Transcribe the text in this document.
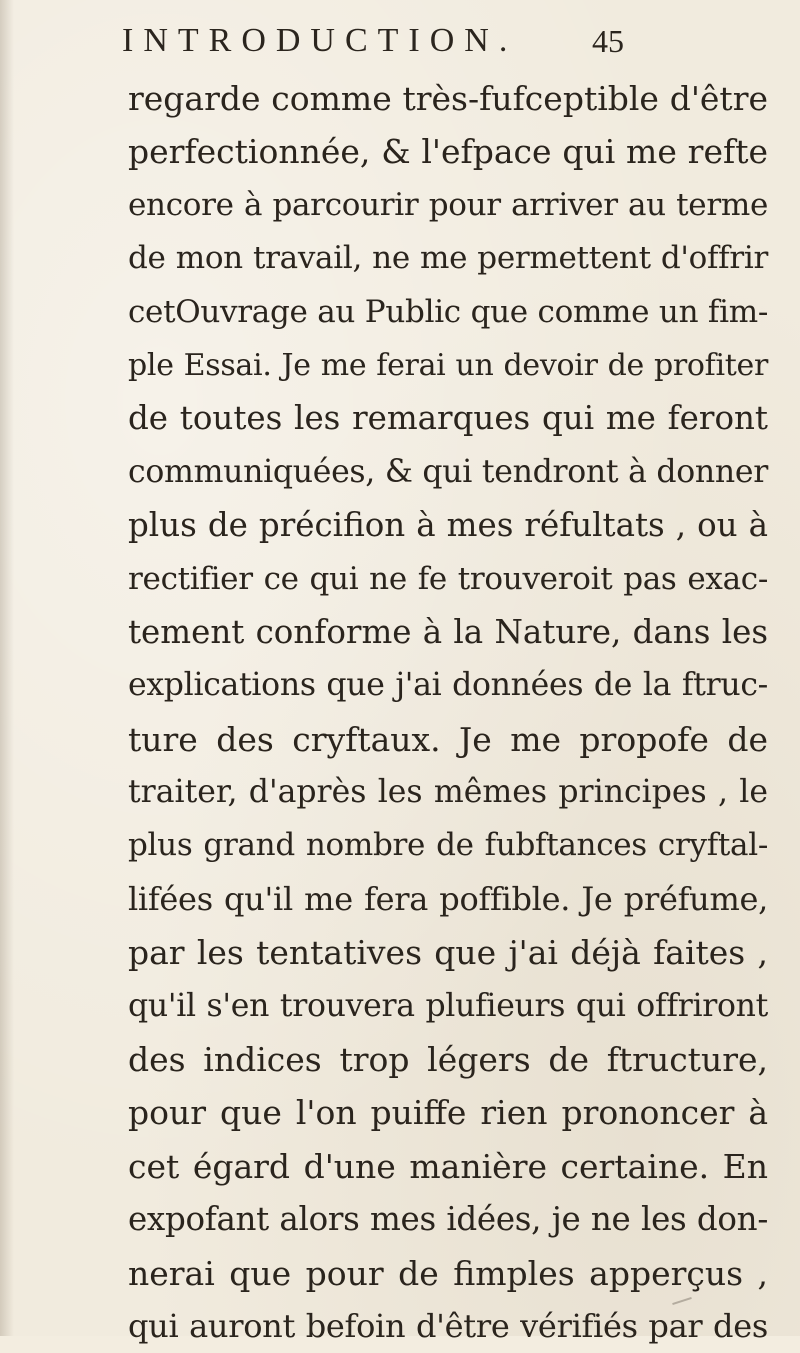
INTRODUCTION. 45
regarde comme très-fufceptible d'être
perfectionnée, & l'efpace qui me refte
encore à parcourir pour arriver au terme
de mon travail, ne me permettent d'offrir
cetOuvrage au Public que comme un fim-
ple Essai. Je me ferai un devoir de profiter
de toutes les remarques qui me feront
communiquées, & qui tendront à donner
plus de précifion à mes réfultats , ou à
rectifier ce qui ne fe trouveroit pas exac-
tement conforme à la Nature, dans les
explications que j'ai données de la ftruc-
ture des cryftaux. Je me propofe de
traiter, d'après les mêmes principes , le
plus grand nombre de fubftances cryftal-
lifées qu'il me fera poffible. Je préfume,
par les tentatives que j'ai déjà faites ,
qu'il s'en trouvera plufieurs qui offriront
des indices trop légers de ftructure,
pour que l'on puiffe rien prononcer à
cet égard d'une manière certaine. En
expofant alors mes idées, je ne les don-
nerai que pour de fimples apperçus ,
qui auront befoin d'être vérifiés par des
